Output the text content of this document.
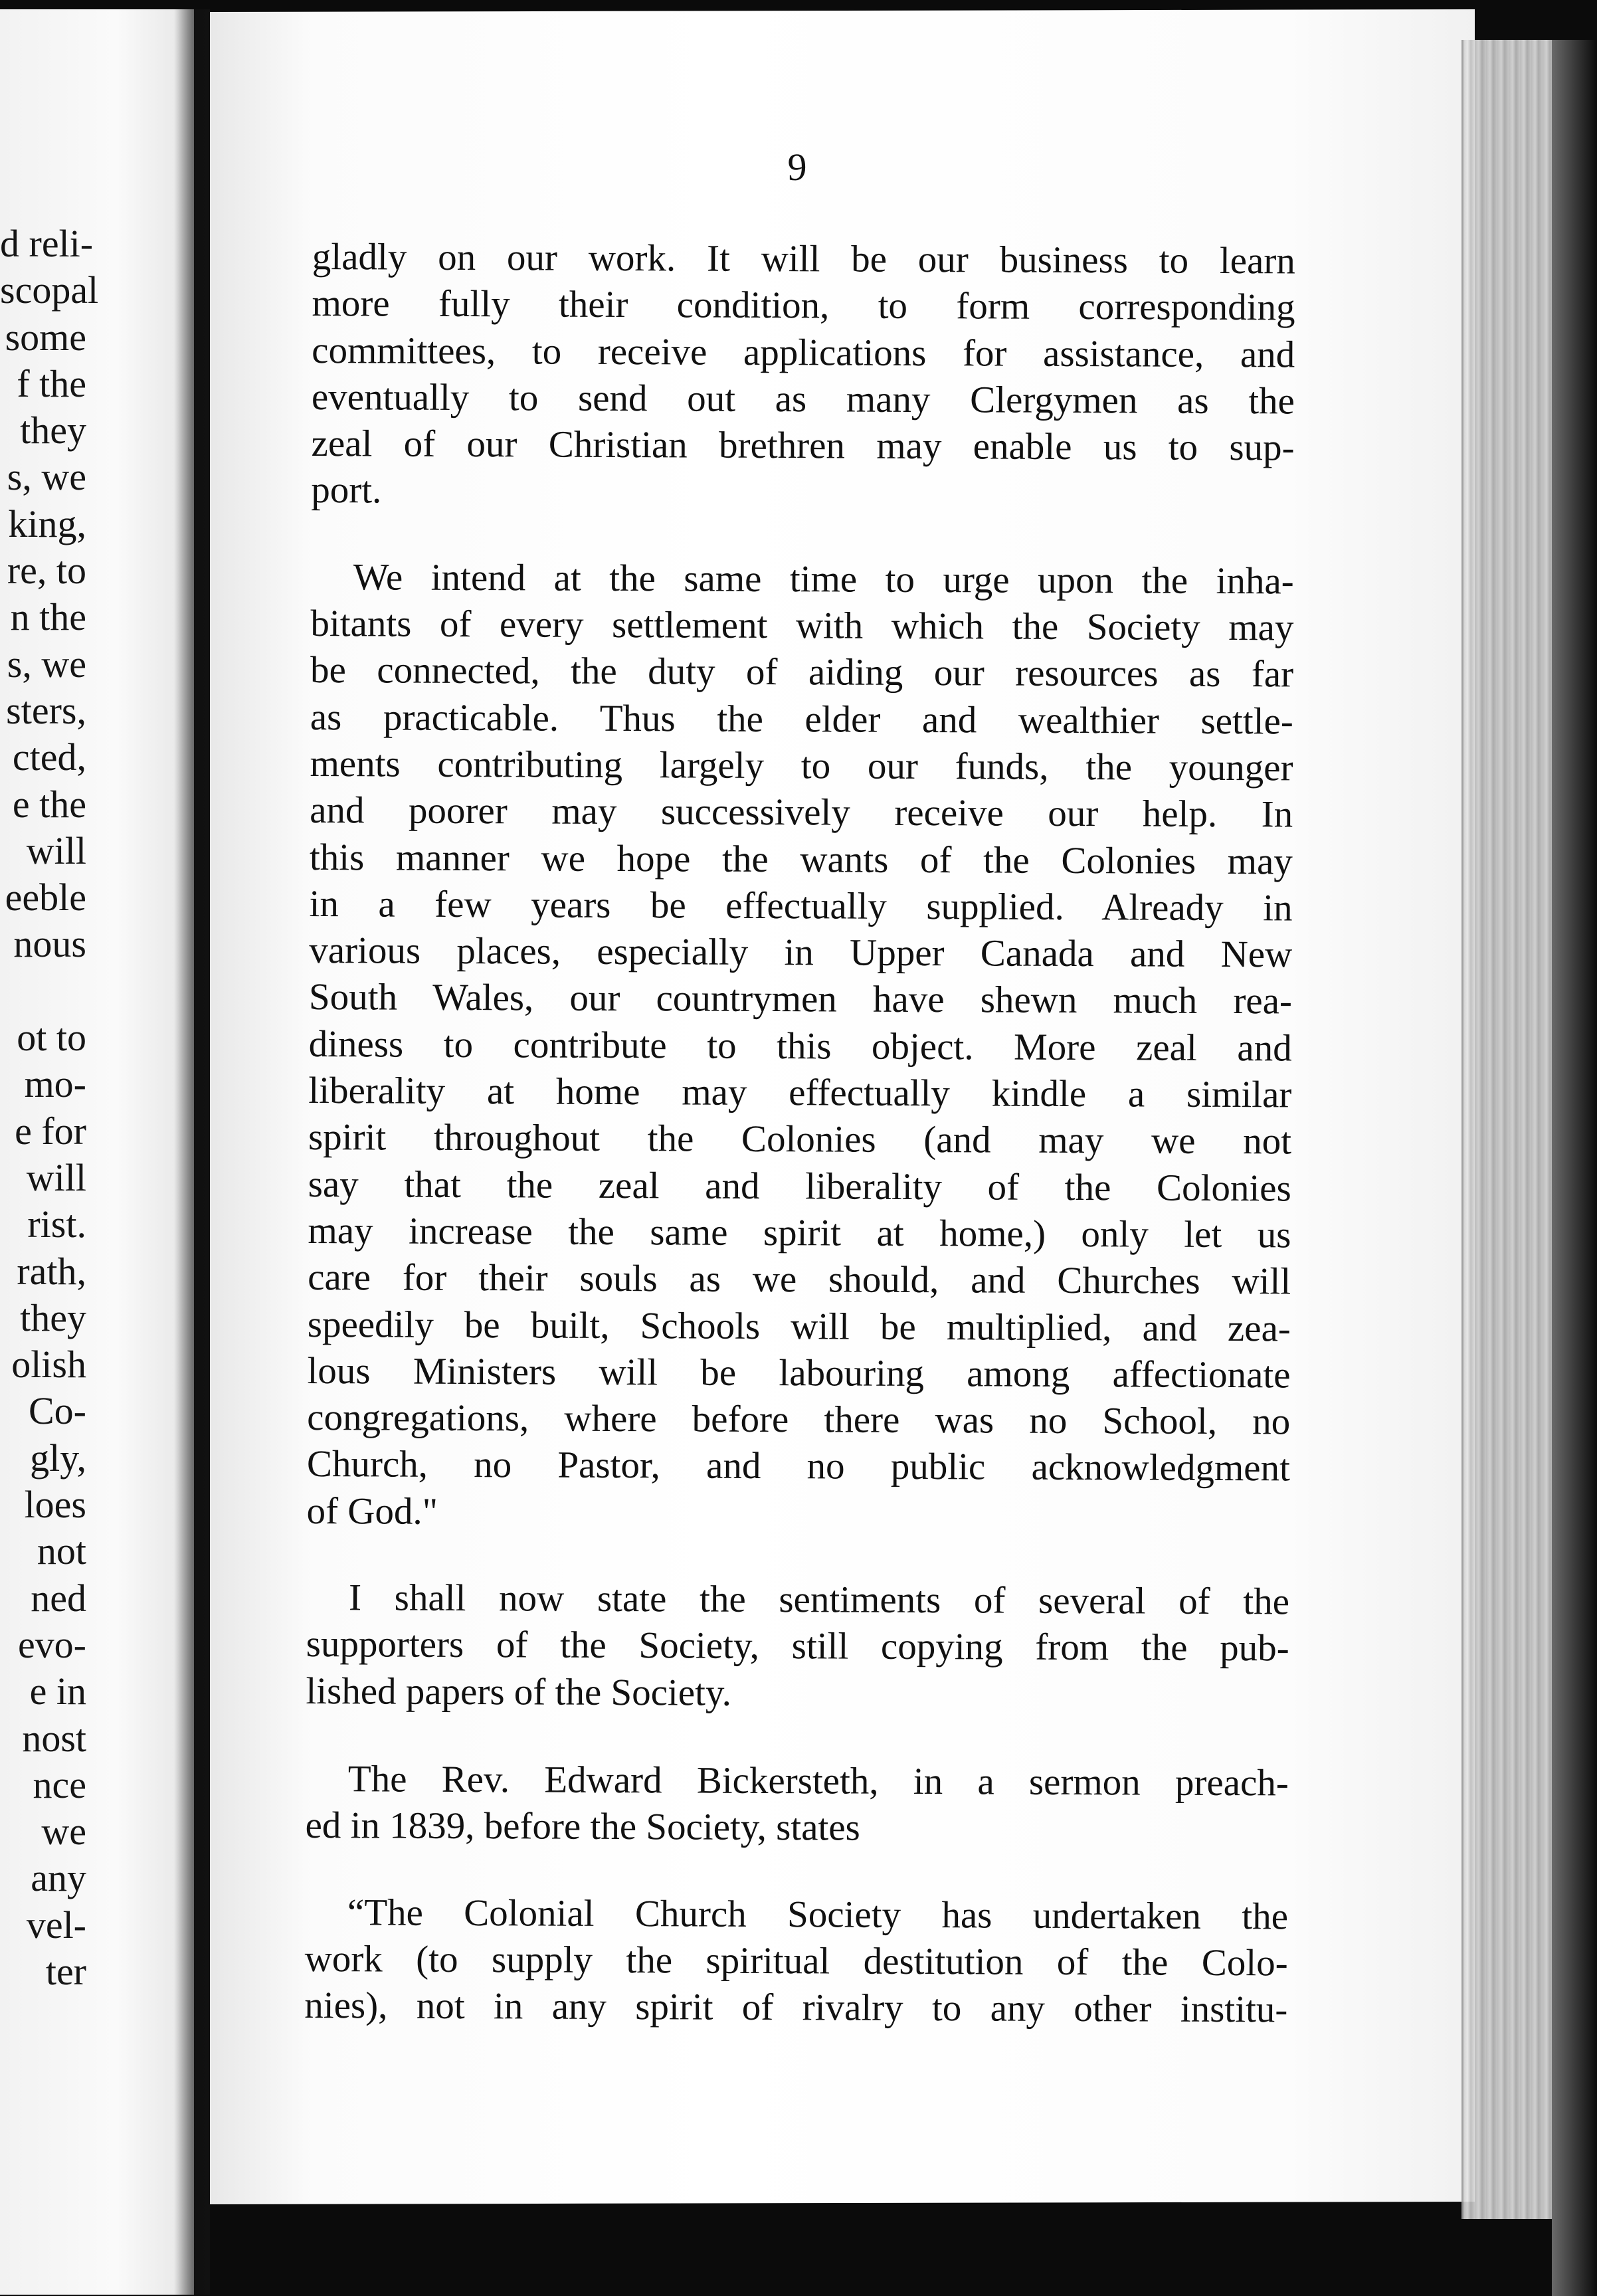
d reli-
scopal
some
f the
they
s, we
king,
re, to
n the
s, we
sters,
cted,
e the
will
eeble
nous
ot to
mo-
e for
will
rist.
rath,
they
olish
Co-
gly,
loes
not
ned
evo-
e in
nost
nce
we
any
vel-
ter
9
gladly on our work. It will be our business to learn
more fully their condition, to form corresponding
committees, to receive applications for assistance, and
eventually to send out as many Clergymen as the
zeal of our Christian brethren may enable us to sup-
port.
We intend at the same time to urge upon the inha-
bitants of every settlement with which the Society may
be connected, the duty of aiding our resources as far
as practicable. Thus the elder and wealthier settle-
ments contributing largely to our funds, the younger
and poorer may successively receive our help. In
this manner we hope the wants of the Colonies may
in a few years be effectually supplied. Already in
various places, especially in Upper Canada and New
South Wales, our countrymen have shewn much rea-
diness to contribute to this object. More zeal and
liberality at home may effectually kindle a similar
spirit throughout the Colonies (and may we not
say that the zeal and liberality of the Colonies
may increase the same spirit at home,) only let us
care for their souls as we should, and Churches will
speedily be built, Schools will be multiplied, and zea-
lous Ministers will be labouring among affectionate
congregations, where before there was no School, no
Church, no Pastor, and no public acknowledgment
of God."
I shall now state the sentiments of several of the
supporters of the Society, still copying from the pub-
lished papers of the Society.
The Rev. Edward Bickersteth, in a sermon preach-
ed in 1839, before the Society, states
“The Colonial Church Society has undertaken the
work (to supply the spiritual destitution of the Colo-
nies), not in any spirit of rivalry to any other institu-
